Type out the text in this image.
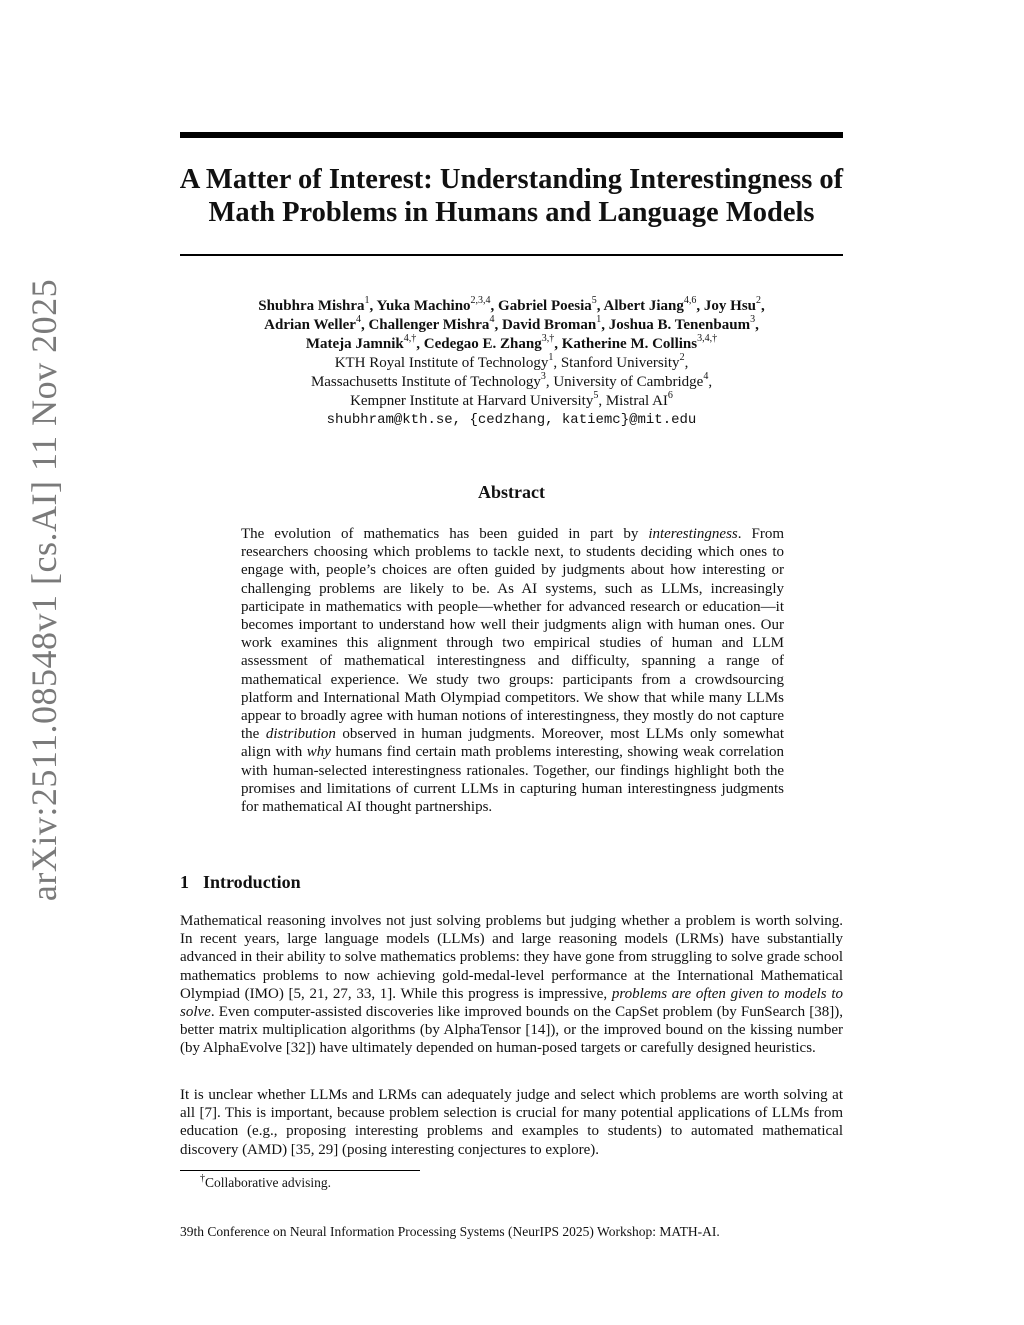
arXiv:2511.08548v1 [cs.AI] 11 Nov 2025
A Matter of Interest: Understanding Interestingness of Math Problems in Humans and Language Models
Shubhra Mishra$^1$, Yuka Machino$^{2,3,4}$, Gabriel Poesia$^5$, Albert Jiang$^{4,6}$, Joy Hsu$^2$,
Adrian Weller$^4$, Challenger Mishra$^4$, David Broman$^1$, Joshua B. Tenenbaum$^3$,
Mateja Jamnik$^{4,\dagger}$, Cedegao E. Zhang$^{3,\dagger}$, Katherine M. Collins$^{3,4,\dagger}$
KTH Royal Institute of Technology$^1$, Stanford University$^2$,
Massachusetts Institute of Technology$^3$, University of Cambridge$^4$,
Kempner Institute at Harvard University$^5$, Mistral $AI^6$
shubhram@kth.se, {cedzhang, katiemc}@mit.edu
Abstract

The evolution of mathematics has been guided in part by interestingness. From researchers choosing which problems to tackle next, to students deciding which ones to engage with, people’s choices are often guided by judgments about how interesting or challenging problems are likely to be. As AI systems, such as LLMs, increasingly participate in mathematics with people—whether for advanced research or education—it becomes important to understand how well their judgments align with human ones. Our work examines this alignment through two empirical studies of human and LLM assessment of mathematical interestingness and difficulty, spanning a range of mathematical experience. We study two groups: participants from a crowdsourcing platform and International Math Olympiad competitors. We show that while many LLMs appear to broadly agree with human notions of interestingness, they mostly do not capture the distribution observed in human judgments. Moreover, most LLMs only somewhat align with why humans find certain math problems interesting, showing weak correlation with human-selected interestingness rationales. Together, our findings highlight both the promises and limitations of current LLMs in capturing human interestingness judgments for mathematical AI thought partnerships.

1 Introduction

Mathematical reasoning involves not just solving problems but judging whether a problem is worth solving. In recent years, large language models (LLMs) and large reasoning models (LRMs) have substantially advanced in their ability to solve mathematics problems: they have gone from struggling to solve grade school mathematics problems to now achieving gold-medal-level performance at the International Mathematical Olympiad (IMO) [5, 21, 27, 33, 1]. While this progress is impressive, problems are often given to models to solve. Even computer-assisted discoveries like improved bounds on the CapSet problem (by FunSearch [38]), better matrix multiplication algorithms (by AlphaTensor [14]), or the improved bound on the kissing number (by AlphaEvolve [32]) have ultimately depended on human-posed targets or carefully designed heuristics.

It is unclear whether LLMs and LRMs can adequately judge and select which problems are worth solving at all [7]. This is important, because problem selection is crucial for many potential applications of LLMs from education (e.g., proposing interesting problems and examples to students) to automated mathematical discovery (AMD) [35, 29] (posing interesting conjectures to explore).

†Collaborative advising.
39th Conference on Neural Information Processing Systems (NeurIPS 2025) Workshop: MATH-AI.
